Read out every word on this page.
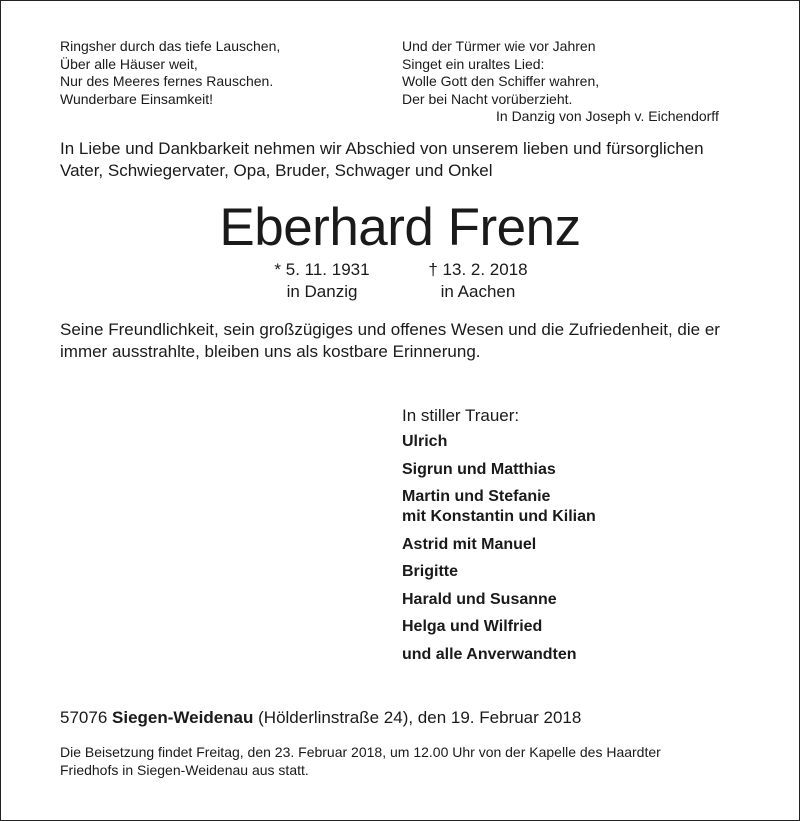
Ringsher durch das tiefe Lauschen,
Über alle Häuser weit,
Nur des Meeres fernes Rauschen.
Wunderbare Einsamkeit!
Und der Türmer wie vor Jahren
Singet ein uraltes Lied:
Wolle Gott den Schiffer wahren,
Der bei Nacht vorüberzieht.
In Danzig von Joseph v. Eichendorff
In Liebe und Dankbarkeit nehmen wir Abschied von unserem lieben und fürsorglichen
Vater, Schwiegervater, Opa, Bruder, Schwager und Onkel
Eberhard Frenz
* 5. 11. 1931
in Danzig
† 13. 2. 2018
in Aachen
Seine Freundlichkeit, sein großzügiges und offenes Wesen und die Zufriedenheit, die er
immer ausstrahlte, bleiben uns als kostbare Erinnerung.
In stiller Trauer:
Ulrich
Sigrun und Matthias
Martin und Stefanie
mit Konstantin und Kilian
Astrid mit Manuel
Brigitte
Harald und Susanne
Helga und Wilfried
und alle Anverwandten
57076 Siegen-Weidenau (Hölderlinstraße 24), den 19. Februar 2018
Die Beisetzung findet Freitag, den 23. Februar 2018, um 12.00 Uhr von der Kapelle des Haardter
Friedhofs in Siegen-Weidenau aus statt.
